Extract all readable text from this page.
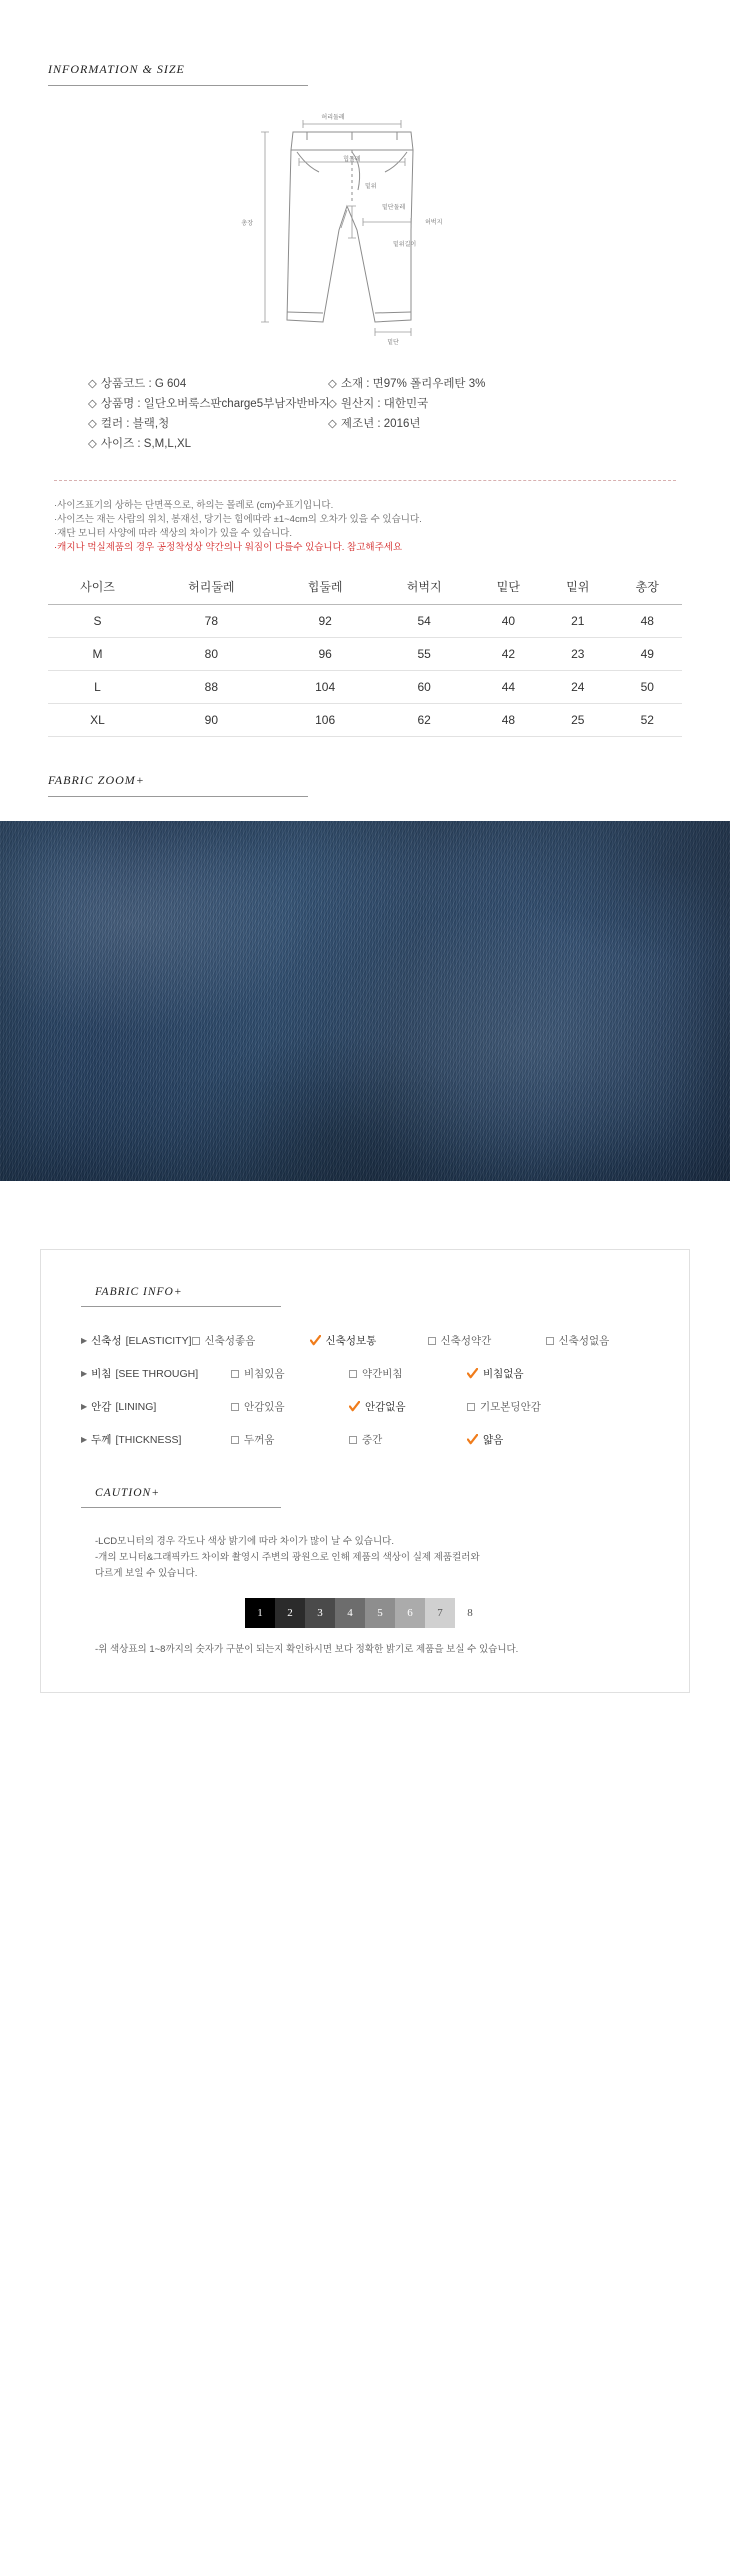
INFORMATION & SIZE
허리둘레
힙둘레
총장	허벅지
밑위
밑단둘레
밑위길이
밑단
◇ 상품코드 : G 604
◇ 상품명 : 일단오버룩스판charge5부남자반바지
◇ 컬러 : 블랙,청
◇ 사이즈 : S,M,L,XL
◇ 소재 : 면97% 폴리우레탄 3%
◇ 원산지 : 대한민국
◇ 제조년 : 2016년
·사이즈표기의 상하는 단면폭으로, 하의는 몰레로 (cm)수표기입니다.
·사이즈는 재는 사람의 위치, 봉재선, 당기는 힘에따라 ±1~4cm의 오차가 있을 수 있습니다.
·재단 모니터 사양에 따라 색상의 차이가 있을 수 있습니다.
·캐지나 먹실제품의 경우 공정착성상 약간의나 워짐이 다를수 있습니다. 참고해주세요
사이즈	허리둘레	힙둘레	허벅지	밑단	밑위	총장
S	78	92	54	40	21	48
M	80	96	55	42	23	49
L	88	104	60	44	24	50
XL	90	106	62	48	25	52
FABRIC ZOOM+
FABRIC INFO+
▶ 신축성 [ELASTICITY] 신축성좋음	신축성보통	신축성약간	신축성없음
▶ 비침 [SEE THROUGH]	비침있음	약간비침	비침없음
▶ 안감 [LINING]	안감있음	안감없음	기모본딩안감
▶ 두께 [THICKNESS]	두꺼움	중간	얇음
CAUTION+
-LCD모니터의 경우 각도나 색상 밝기에 따라 차이가 많이 날 수 있습니다.
-개의 모니터&그래픽카드 차이와 촬영시 주변의 광원으로 인해 제품의 색상이 실제 제품컬러와
다르게 보일 수 있습니다.
1	2	3	4	5	6	7	8
-위 색상표의 1~8까지의 숫자가 구분이 되는지 확인하시면 보다 정확한 밝기로 제품을 보실 수 있습니다.
